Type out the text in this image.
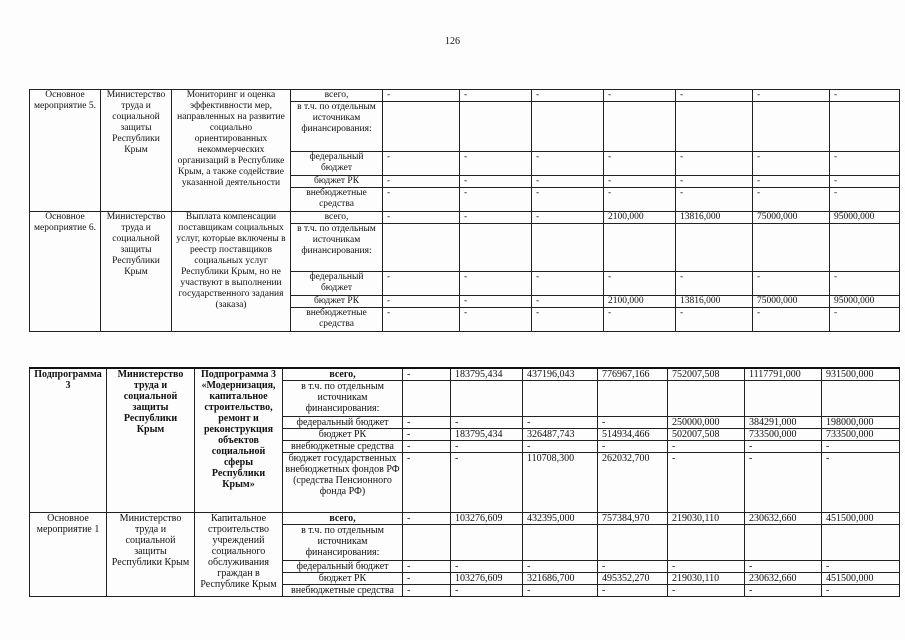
126
Основное мероприятие 5.	Министерство труда и социальной защиты Республики Крым	Мониторинг и оценка эффективности мер, направленных на развитие социально ориентированных некоммерческих организаций в Республике Крым, а также содействие указанной деятельности	всего,	-	-	-	-	-	-	-
			в т.ч. по отдельным источникам финансирования:							
			федеральный бюджет	-	-	-	-	-	-	-
			бюджет РК	-	-	-	-	-	-	-
			внебюджетные средства	-	-	-	-	-	-	-
Основное мероприятие 6.	Министерство труда и социальной защиты Республики Крым	Выплата компенсации поставщикам социальных услуг, которые включены в реестр поставщиков социальных услуг Республики Крым, но не участвуют в выполнении государственного задания (заказа)	всего,	-	-	-	2100,000	13816,000	75000,000	95000,000
			в т.ч. по отдельным источникам финансирования:							
			федеральный бюджет	-	-	-	-	-	-	-
			бюджет РК	-	-	-	2100,000	13816,000	75000,000	95000,000
			внебюджетные средства	-	-	-	-	-	-	-
Подпрограмма 3	Министерство труда и социальной защиты Республики Крым	Подпрограмма 3 «Модернизация, капитальное строительство, ремонт и реконструкция объектов социальной сферы Республики Крым»	всего,	-	183795,434	437196,043	776967,166	752007,508	1117791,000	931500,000
			в т.ч. по отдельным источникам финансирования:							
			федеральный бюджет	-	-	-	-	250000,000	384291,000	198000,000
			бюджет РК	-	183795,434	326487,743	514934,466	502007,508	733500,000	733500,000
			внебюджетные средства	-	-	-	-	-	-	-
			бюджет государственных внебюджетных фондов РФ (средства Пенсионного фонда РФ)	-	-	110708,300	262032,700	-	-	-
Основное мероприятие 1	Министерство труда и социальной защиты Республики Крым	Капитальное строительство учреждений социального обслуживания граждан в Республике Крым	всего,	-	103276,609	432395,000	757384,970	219030,110	230632,660	451500,000
			в т.ч. по отдельным источникам финансирования:							
			федеральный бюджет	-	-	-	-	-	-	-
			бюджет РК	-	103276,609	321686,700	495352,270	219030,110	230632,660	451500,000
			внебюджетные средства	-	-	-	-	-	-	-
